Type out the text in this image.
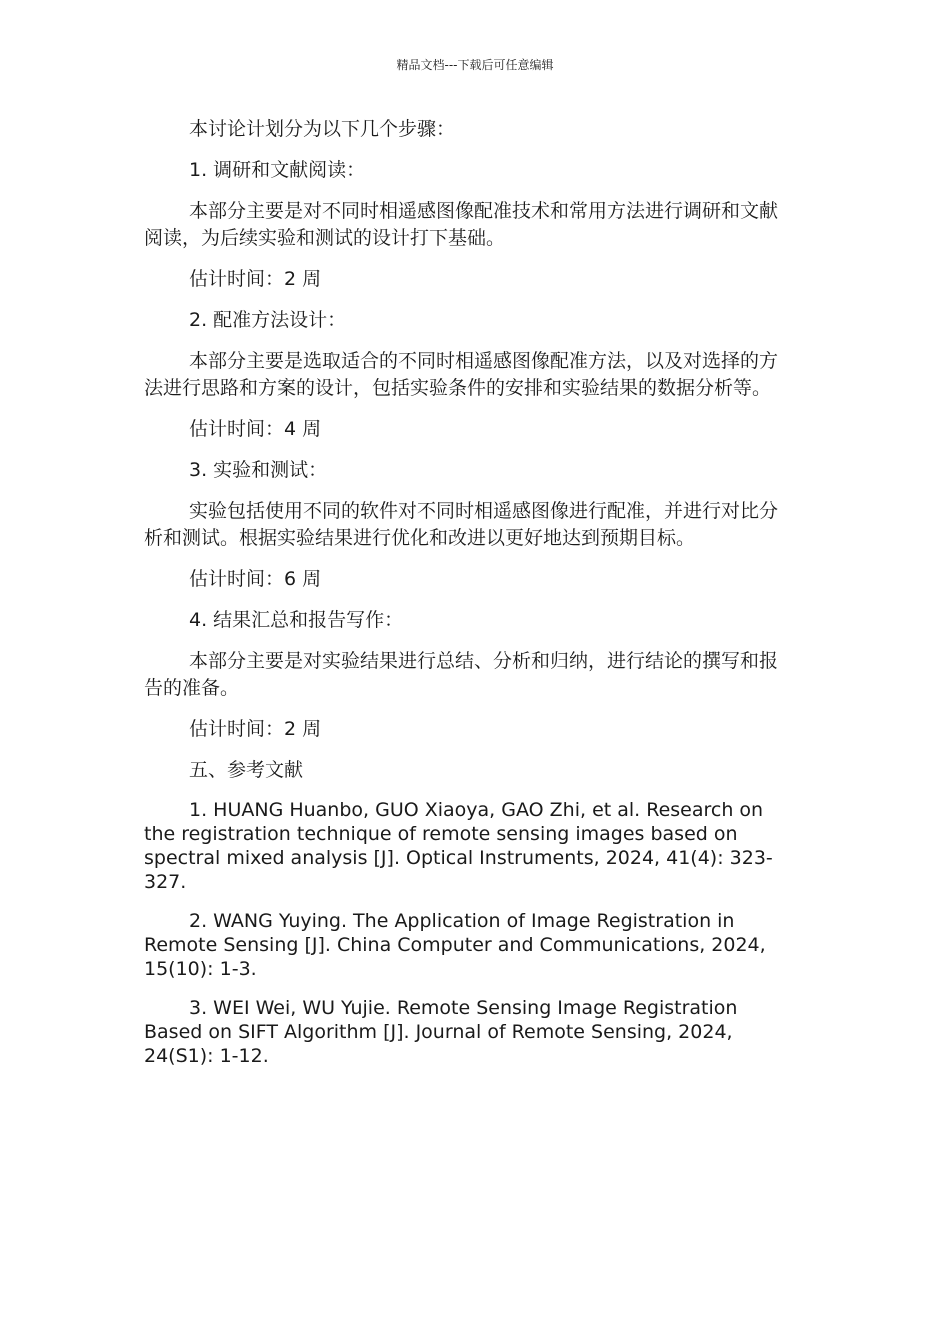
精品文档---下载后可任意编辑

本讨论计划分为以下几个步骤：

1. 调研和文献阅读：

本部分主要是对不同时相遥感图像配准技术和常用方法进行调研和文献阅读，为后续实验和测试的设计打下基础。

估计时间：2 周

2. 配准方法设计：

本部分主要是选取适合的不同时相遥感图像配准方法，以及对选择的方法进行思路和方案的设计，包括实验条件的安排和实验结果的数据分析等。

估计时间：4 周

3. 实验和测试：

实验包括使用不同的软件对不同时相遥感图像进行配准，并进行对比分析和测试。根据实验结果进行优化和改进以更好地达到预期目标。

估计时间：6 周

4. 结果汇总和报告写作：

本部分主要是对实验结果进行总结、分析和归纳，进行结论的撰写和报告的准备。

估计时间：2 周

五、参考文献

1. HUANG Huanbo, GUO Xiaoya, GAO Zhi, et al. Research on the registration technique of remote sensing images based on spectral mixed analysis [J]. Optical Instruments, 2024, 41(4): 323-327.

2. WANG Yuying. The Application of Image Registration in Remote Sensing [J]. China Computer and Communications, 2024, 15(10): 1-3.

3. WEI Wei, WU Yujie. Remote Sensing Image Registration Based on SIFT Algorithm [J]. Journal of Remote Sensing, 2024, 24(S1): 1-12.
